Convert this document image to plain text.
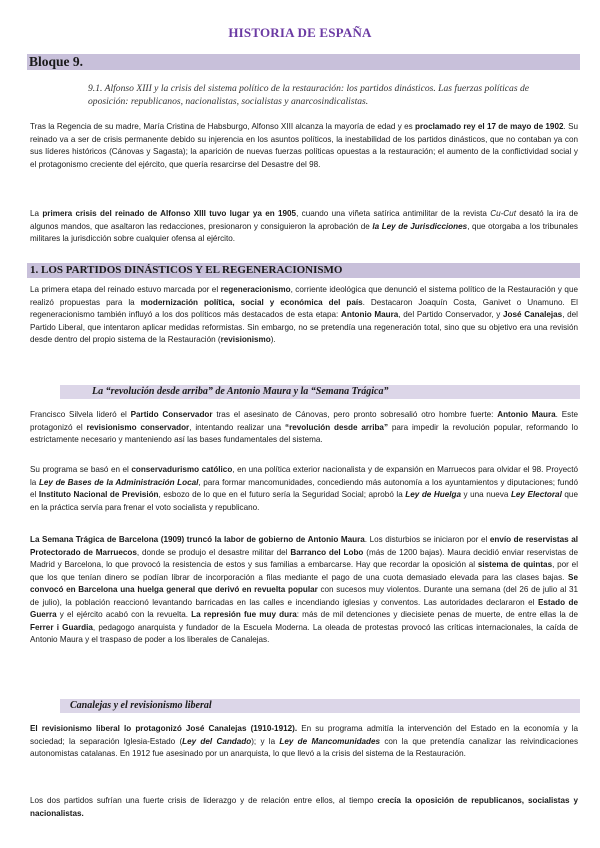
HISTORIA DE ESPAÑA
Bloque 9.
9.1. Alfonso XIII y la crisis del sistema político de la restauración: los partidos dinásticos. Las fuerzas políticas de oposición: republicanos, nacionalistas, socialistas y anarcosindicalistas.
Tras la Regencia de su madre, María Cristina de Habsburgo, Alfonso XIII alcanza la mayoría de edad y es proclamado rey el 17 de mayo de 1902. Su reinado va a ser de crisis permanente debido su injerencia en los asuntos políticos, la inestabilidad de los partidos dinásticos, que no contaban ya con sus líderes históricos (Cánovas y Sagasta); la aparición de nuevas fuerzas políticas opuestas a la restauración; el aumento de la conflictividad social y el protagonismo creciente del ejército, que quería resarcirse del Desastre del 98.
La primera crisis del reinado de Alfonso XIII tuvo lugar ya en 1905, cuando una viñeta satírica antimilitar de la revista Cu-Cut desató la ira de algunos mandos, que asaltaron las redacciones, presionaron y consiguieron la aprobación de la Ley de Jurisdicciones, que otorgaba a los tribunales militares la jurisdicción sobre cualquier ofensa al ejército.
1. LOS PARTIDOS DINÁSTICOS Y EL REGENERACIONISMO
La primera etapa del reinado estuvo marcada por el regeneracionismo, corriente ideológica que denunció el sistema político de la Restauración y que realizó propuestas para la modernización política, social y económica del país. Destacaron Joaquín Costa, Ganivet o Unamuno. El regeneracionismo también influyó a los dos políticos más destacados de esta etapa: Antonio Maura, del Partido Conservador, y José Canalejas, del Partido Liberal, que intentaron aplicar medidas reformistas. Sin embargo, no se pretendía una regeneración total, sino que su objetivo era una revisión desde dentro del propio sistema de la Restauración (revisionismo).
La “revolución desde arriba” de Antonio Maura y la “Semana Trágica”
Francisco Silvela lideró el Partido Conservador tras el asesinato de Cánovas, pero pronto sobresalió otro hombre fuerte: Antonio Maura. Este protagonizó el revisionismo conservador, intentando realizar una “revolución desde arriba” para impedir la revolución popular, reformando lo estrictamente necesario y manteniendo así las bases fundamentales del sistema.
Su programa se basó en el conservadurismo católico, en una política exterior nacionalista y de expansión en Marruecos para olvidar el 98. Proyectó la Ley de Bases de la Administración Local, para formar mancomunidades, concediendo más autonomía a los ayuntamientos y diputaciones; fundó el Instituto Nacional de Previsión, esbozo de lo que en el futuro sería la Seguridad Social; aprobó la Ley de Huelga y una nueva Ley Electoral que en la práctica servía para frenar el voto socialista y republicano.
La Semana Trágica de Barcelona (1909) truncó la labor de gobierno de Antonio Maura. Los disturbios se iniciaron por el envío de reservistas al Protectorado de Marruecos, donde se produjo el desastre militar del Barranco del Lobo (más de 1200 bajas). Maura decidió enviar reservistas de Madrid y Barcelona, lo que provocó la resistencia de estos y sus familias a embarcarse. Hay que recordar la oposición al sistema de quintas, por el que los que tenían dinero se podían librar de incorporación a filas mediante el pago de una cuota demasiado elevada para las clases bajas. Se convocó en Barcelona una huelga general que derivó en revuelta popular con sucesos muy violentos. Durante una semana (del 26 de julio al 31 de julio), la población reaccionó levantando barricadas en las calles e incendiando iglesias y conventos. Las autoridades declararon el Estado de Guerra y el ejército acabó con la revuelta. La represión fue muy dura: más de mil detenciones y diecisiete penas de muerte, de entre ellas la de Ferrer i Guardia, pedagogo anarquista y fundador de la Escuela Moderna. La oleada de protestas provocó las críticas internacionales, la caída de Antonio Maura y el traspaso de poder a los liberales de Canalejas.
Canalejas y el revisionismo liberal
El revisionismo liberal lo protagonizó José Canalejas (1910-1912). En su programa admitía la intervención del Estado en la economía y la sociedad; la separación Iglesia-Estado (Ley del Candado); y la Ley de Mancomunidades con la que pretendía canalizar las reivindicaciones autonomistas catalanas. En 1912 fue asesinado por un anarquista, lo que llevó a la crisis del sistema de la Restauración.
Los dos partidos sufrían una fuerte crisis de liderazgo y de relación entre ellos, al tiempo crecía la oposición de republicanos, socialistas y nacionalistas.
